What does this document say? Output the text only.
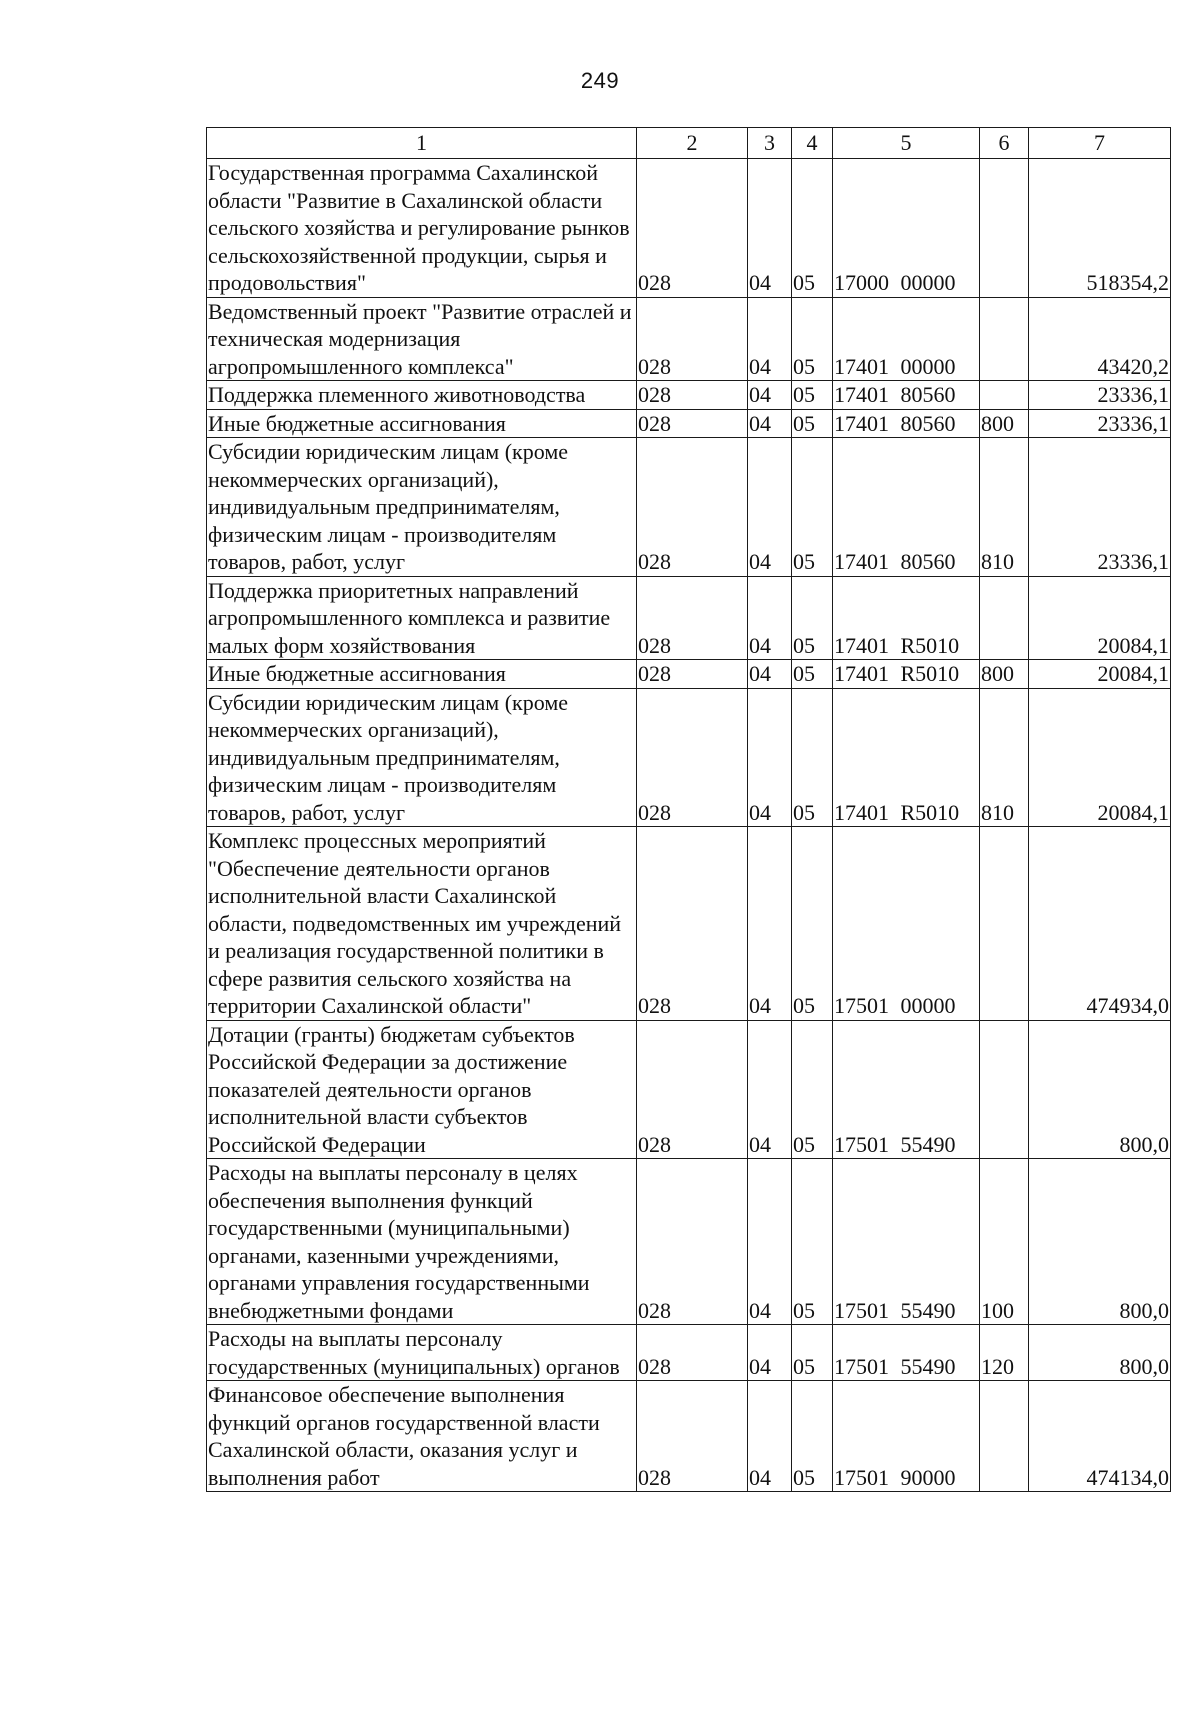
249
1	2	3	4	5	6	7
Государственная программа Сахалинской области "Развитие в Сахалинской области сельского хозяйства и регулирование рынков сельскохозяйственной продукции, сырья и продовольствия"	028	04	05	17000 00000		518354,2
Ведомственный проект "Развитие отраслей и техническая модернизация агропромышленного комплекса"	028	04	05	17401 00000		43420,2
Поддержка племенного животноводства	028	04	05	17401 80560		23336,1
Иные бюджетные ассигнования	028	04	05	17401 80560	800	23336,1
Субсидии юридическим лицам (кроме некоммерческих организаций), индивидуальным предпринимателям, физическим лицам - производителям товаров, работ, услуг	028	04	05	17401 80560	810	23336,1
Поддержка приоритетных направлений агропромышленного комплекса и развитие малых форм хозяйствования	028	04	05	17401 R5010		20084,1
Иные бюджетные ассигнования	028	04	05	17401 R5010	800	20084,1
Субсидии юридическим лицам (кроме некоммерческих организаций), индивидуальным предпринимателям, физическим лицам - производителям товаров, работ, услуг	028	04	05	17401 R5010	810	20084,1
Комплекс процессных мероприятий "Обеспечение деятельности органов исполнительной власти Сахалинской области, подведомственных им учреждений и реализация государственной политики в сфере развития сельского хозяйства на территории Сахалинской области"	028	04	05	17501 00000		474934,0
Дотации (гранты) бюджетам субъектов Российской Федерации за достижение показателей деятельности органов исполнительной власти субъектов Российской Федерации	028	04	05	17501 55490		800,0
Расходы на выплаты персоналу в целях обеспечения выполнения функций государственными (муниципальными) органами, казенными учреждениями, органами управления государственными внебюджетными фондами	028	04	05	17501 55490	100	800,0
Расходы на выплаты персоналу государственных (муниципальных) органов	028	04	05	17501 55490	120	800,0
Финансовое обеспечение выполнения функций органов государственной власти Сахалинской области, оказания услуг и выполнения работ	028	04	05	17501 90000		474134,0
